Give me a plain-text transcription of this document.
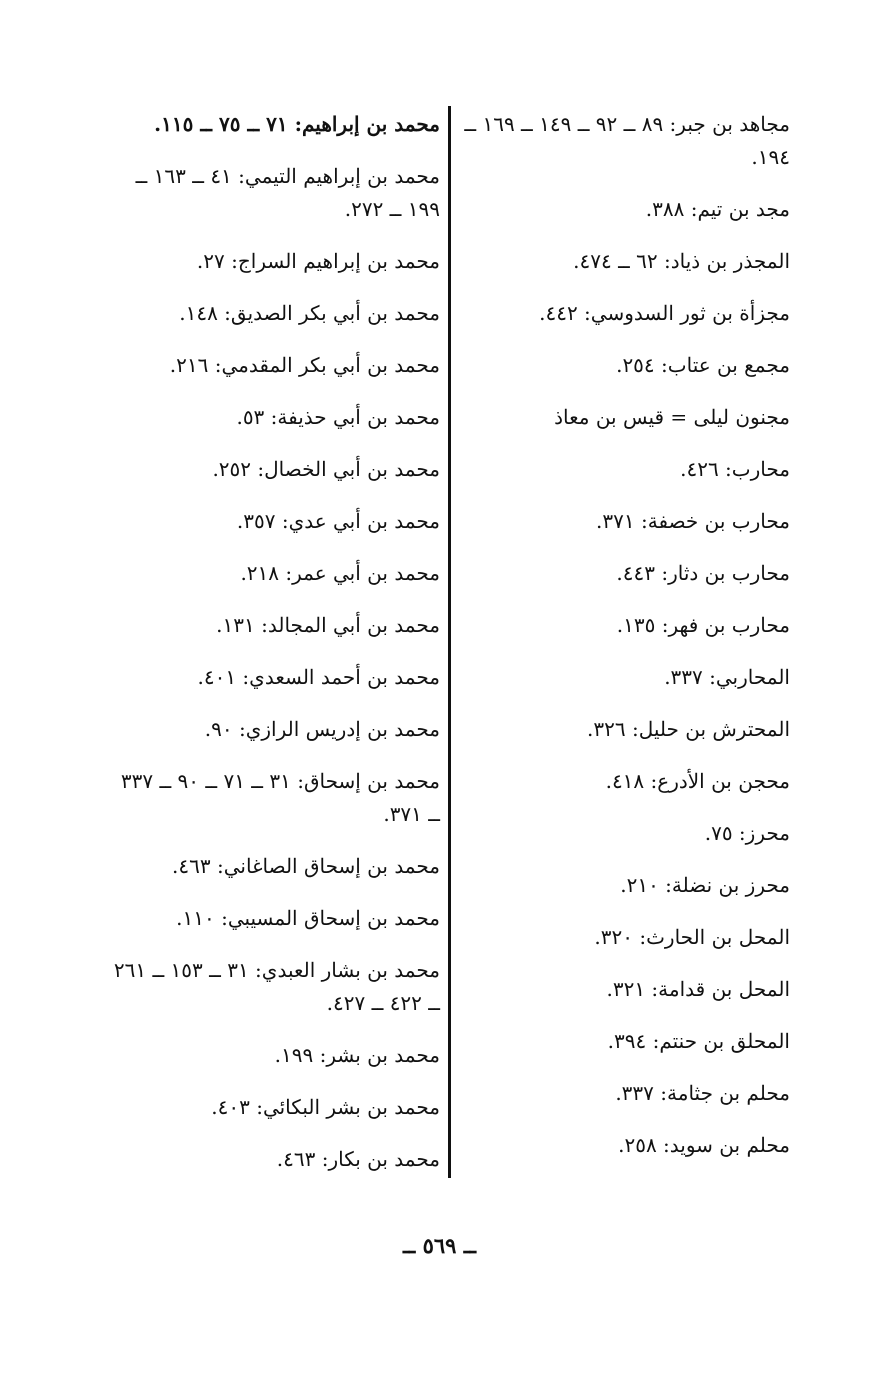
مجاهد بن جبر: ٨٩ ــ ٩٢ ــ ١٤٩ ــ ١٦٩ ــ ١٩٤.
مجد بن تيم: ٣٨٨.
المجذر بن ذياد: ٦٢ ــ ٤٧٤.
مجزأة بن ثور السدوسي: ٤٤٢.
مجمع بن عتاب: ٢٥٤.
مجنون ليلى = قيس بن معاذ
محارب: ٤٢٦.
محارب بن خصفة: ٣٧١.
محارب بن دثار: ٤٤٣.
محارب بن فهر: ١٣٥.
المحاربي: ٣٣٧.
المحترش بن حليل: ٣٢٦.
محجن بن الأدرع: ٤١٨.
محرز: ٧٥.
محرز بن نضلة: ٢١٠.
المحل بن الحارث: ٣٢٠.
المحل بن قدامة: ٣٢١.
المحلق بن حنتم: ٣٩٤.
محلم بن جثامة: ٣٣٧.
محلم بن سويد: ٢٥٨.
محمد بن إبراهيم: ٧١ ــ ٧٥ ــ ١١٥.
محمد بن إبراهيم التيمي: ٤١ ــ ١٦٣ ــ ١٩٩ ــ ٢٧٢.
محمد بن إبراهيم السراج: ٢٧.
محمد بن أبي بكر الصديق: ١٤٨.
محمد بن أبي بكر المقدمي: ٢١٦.
محمد بن أبي حذيفة: ٥٣.
محمد بن أبي الخصال: ٢٥٢.
محمد بن أبي عدي: ٣٥٧.
محمد بن أبي عمر: ٢١٨.
محمد بن أبي المجالد: ١٣١.
محمد بن أحمد السعدي: ٤٠١.
محمد بن إدريس الرازي: ٩٠.
محمد بن إسحاق: ٣١ ــ ٧١ ــ ٩٠ ــ ٣٣٧ ــ ٣٧١.
محمد بن إسحاق الصاغاني: ٤٦٣.
محمد بن إسحاق المسيبي: ١١٠.
محمد بن بشار العبدي: ٣١ ــ ١٥٣ ــ ٢٦١ ــ ٤٢٢ ــ ٤٢٧.
محمد بن بشر: ١٩٩.
محمد بن بشر البكائي: ٤٠٣.
محمد بن بكار: ٤٦٣.
ــ ٥٦٩ ــ
